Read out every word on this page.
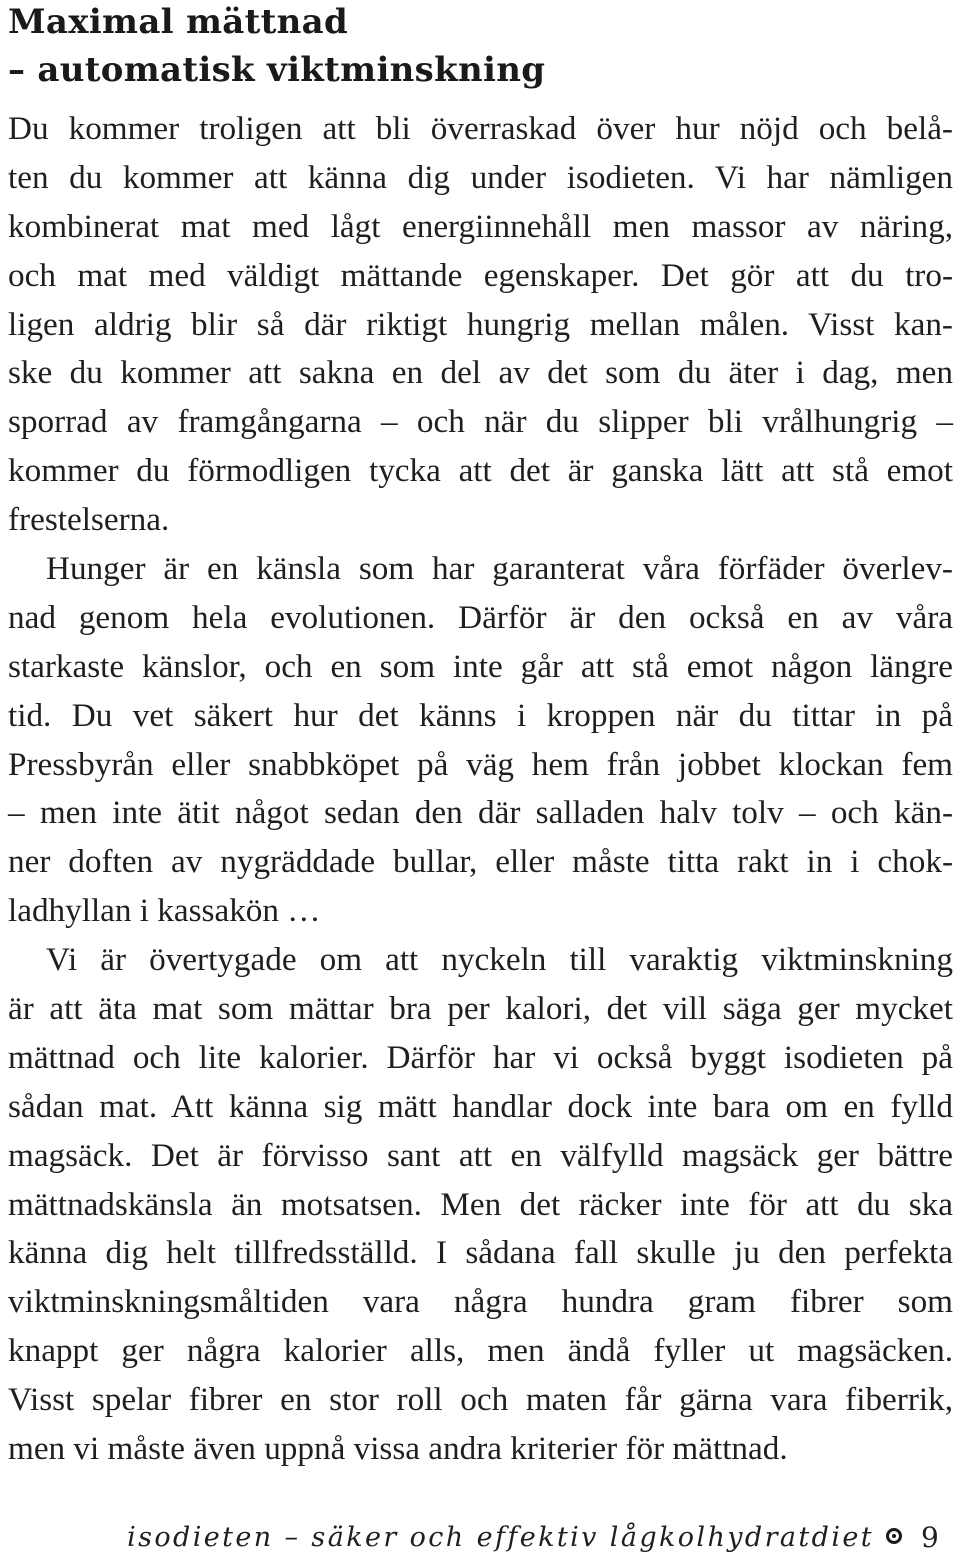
Maximal mättnad
– automatisk viktminskning
Du kommer troligen att bli överraskad över hur nöjd och belå-
ten du kommer att känna dig under isodieten. Vi har nämligen
kombinerat mat med lågt energiinnehåll men massor av näring,
och mat med väldigt mättande egenskaper. Det gör att du tro-
ligen aldrig blir så där riktigt hungrig mellan målen. Visst kan-
ske du kommer att sakna en del av det som du äter i dag, men
sporrad av framgångarna – och när du slipper bli vrålhungrig –
kommer du förmodligen tycka att det är ganska lätt att stå emot
frestelserna.
Hunger är en känsla som har garanterat våra förfäder överlev-
nad genom hela evolutionen. Därför är den också en av våra
starkaste känslor, och en som inte går att stå emot någon längre
tid. Du vet säkert hur det känns i kroppen när du tittar in på
Pressbyrån eller snabbköpet på väg hem från jobbet klockan fem
– men inte ätit något sedan den där salladen halv tolv – och kän-
ner doften av nygräddade bullar, eller måste titta rakt in i chok-
ladhyllan i kassakön …
Vi är övertygade om att nyckeln till varaktig viktminskning
är att äta mat som mättar bra per kalori, det vill säga ger mycket
mättnad och lite kalorier. Därför har vi också byggt isodieten på
sådan mat. Att känna sig mätt handlar dock inte bara om en fylld
magsäck. Det är förvisso sant att en välfylld magsäck ger bättre
mättnadskänsla än motsatsen. Men det räcker inte för att du ska
känna dig helt tillfredsställd. I sådana fall skulle ju den perfekta
viktminskningsmåltiden vara några hundra gram fibrer som
knappt ger några kalorier alls, men ändå fyller ut magsäcken.
Visst spelar fibrer en stor roll och maten får gärna vara fiberrik,
men vi måste även uppnå vissa andra kriterier för mättnad.
isodieten – säker och effektiv lågkolhydratdiet 9
